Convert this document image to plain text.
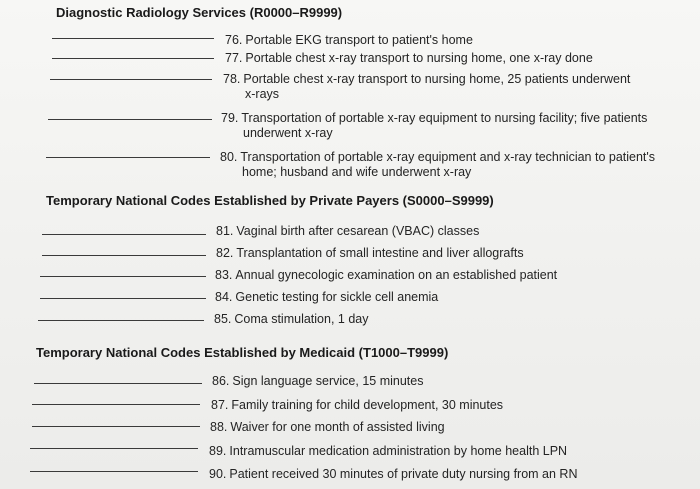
Diagnostic Radiology Services (R0000–R9999)
76. Portable EKG transport to patient's home
77. Portable chest x-ray transport to nursing home, one x-ray done
78. Portable chest x-ray transport to nursing home, 25 patients underwent
x-rays
79. Transportation of portable x-ray equipment to nursing facility; five patients
underwent x-ray
80. Transportation of portable x-ray equipment and x-ray technician to patient's
home; husband and wife underwent x-ray
Temporary National Codes Established by Private Payers (S0000–S9999)
81. Vaginal birth after cesarean (VBAC) classes
82. Transplantation of small intestine and liver allografts
83. Annual gynecologic examination on an established patient
84. Genetic testing for sickle cell anemia
85. Coma stimulation, 1 day
Temporary National Codes Established by Medicaid (T1000–T9999)
86. Sign language service, 15 minutes
87. Family training for child development, 30 minutes
88. Waiver for one month of assisted living
89. Intramuscular medication administration by home health LPN
90. Patient received 30 minutes of private duty nursing from an RN
